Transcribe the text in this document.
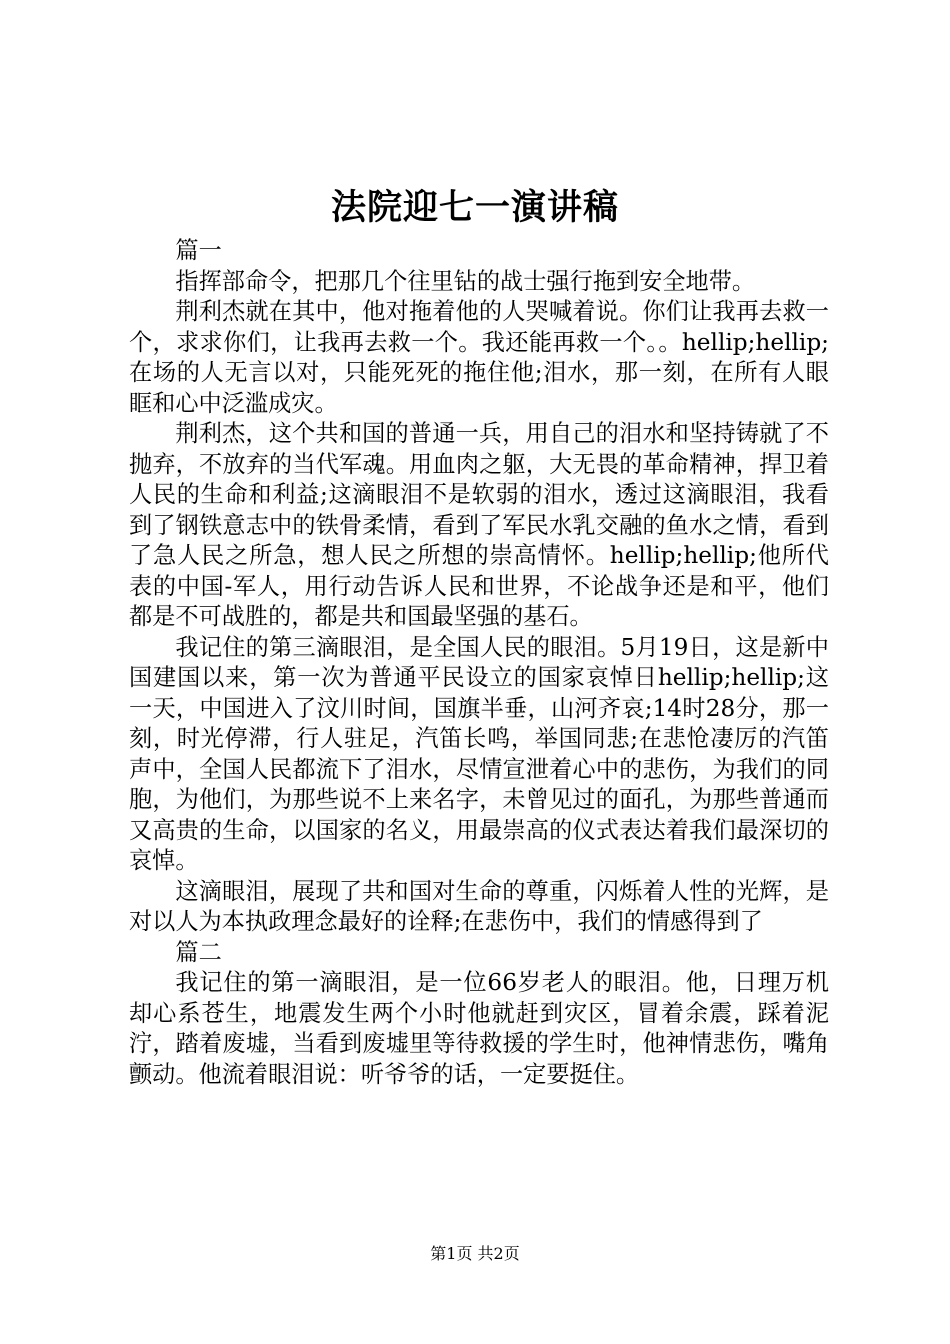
法院迎七一演讲稿

篇一

指挥部命令，把那几个往里钻的战士强行拖到安全地带。

荆利杰就在其中，他对拖着他的人哭喊着说。你们让我再去救一个，求求你们，让我再去救一个。我还能再救一个。。hellip;hellip;在场的人无言以对，只能死死的拖住他;泪水，那一刻，在所有人眼眶和心中泛滥成灾。

荆利杰，这个共和国的普通一兵，用自己的泪水和坚持铸就了不抛弃，不放弃的当代军魂。用血肉之躯，大无畏的革命精神，捍卫着人民的生命和利益;这滴眼泪不是软弱的泪水，透过这滴眼泪，我看到了钢铁意志中的铁骨柔情，看到了军民水乳交融的鱼水之情，看到了急人民之所急，想人民之所想的崇高情怀。hellip;hellip;他所代表的中国-军人，用行动告诉人民和世界，不论战争还是和平，他们都是不可战胜的，都是共和国最坚强的基石。

我记住的第三滴眼泪，是全国人民的眼泪。5月19日，这是新中国建国以来，第一次为普通平民设立的国家哀悼日hellip;hellip;这一天，中国进入了汶川时间，国旗半垂，山河齐哀;14时28分，那一刻，时光停滞，行人驻足，汽笛长鸣，举国同悲;在悲怆凄厉的汽笛声中，全国人民都流下了泪水，尽情宣泄着心中的悲伤，为我们的同胞，为他们，为那些说不上来名字，未曾见过的面孔，为那些普通而又高贵的生命，以国家的名义，用最崇高的仪式表达着我们最深切的哀悼。

这滴眼泪，展现了共和国对生命的尊重，闪烁着人性的光辉，是对以人为本执政理念最好的诠释;在悲伤中，我们的情感得到了

篇二

我记住的第一滴眼泪，是一位66岁老人的眼泪。他，日理万机却心系苍生，地震发生两个小时他就赶到灾区，冒着余震，踩着泥泞，踏着废墟，当看到废墟里等待救援的学生时，他神情悲伤，嘴角颤动。他流着眼泪说：听爷爷的话，一定要挺住。

第1页 共2页
